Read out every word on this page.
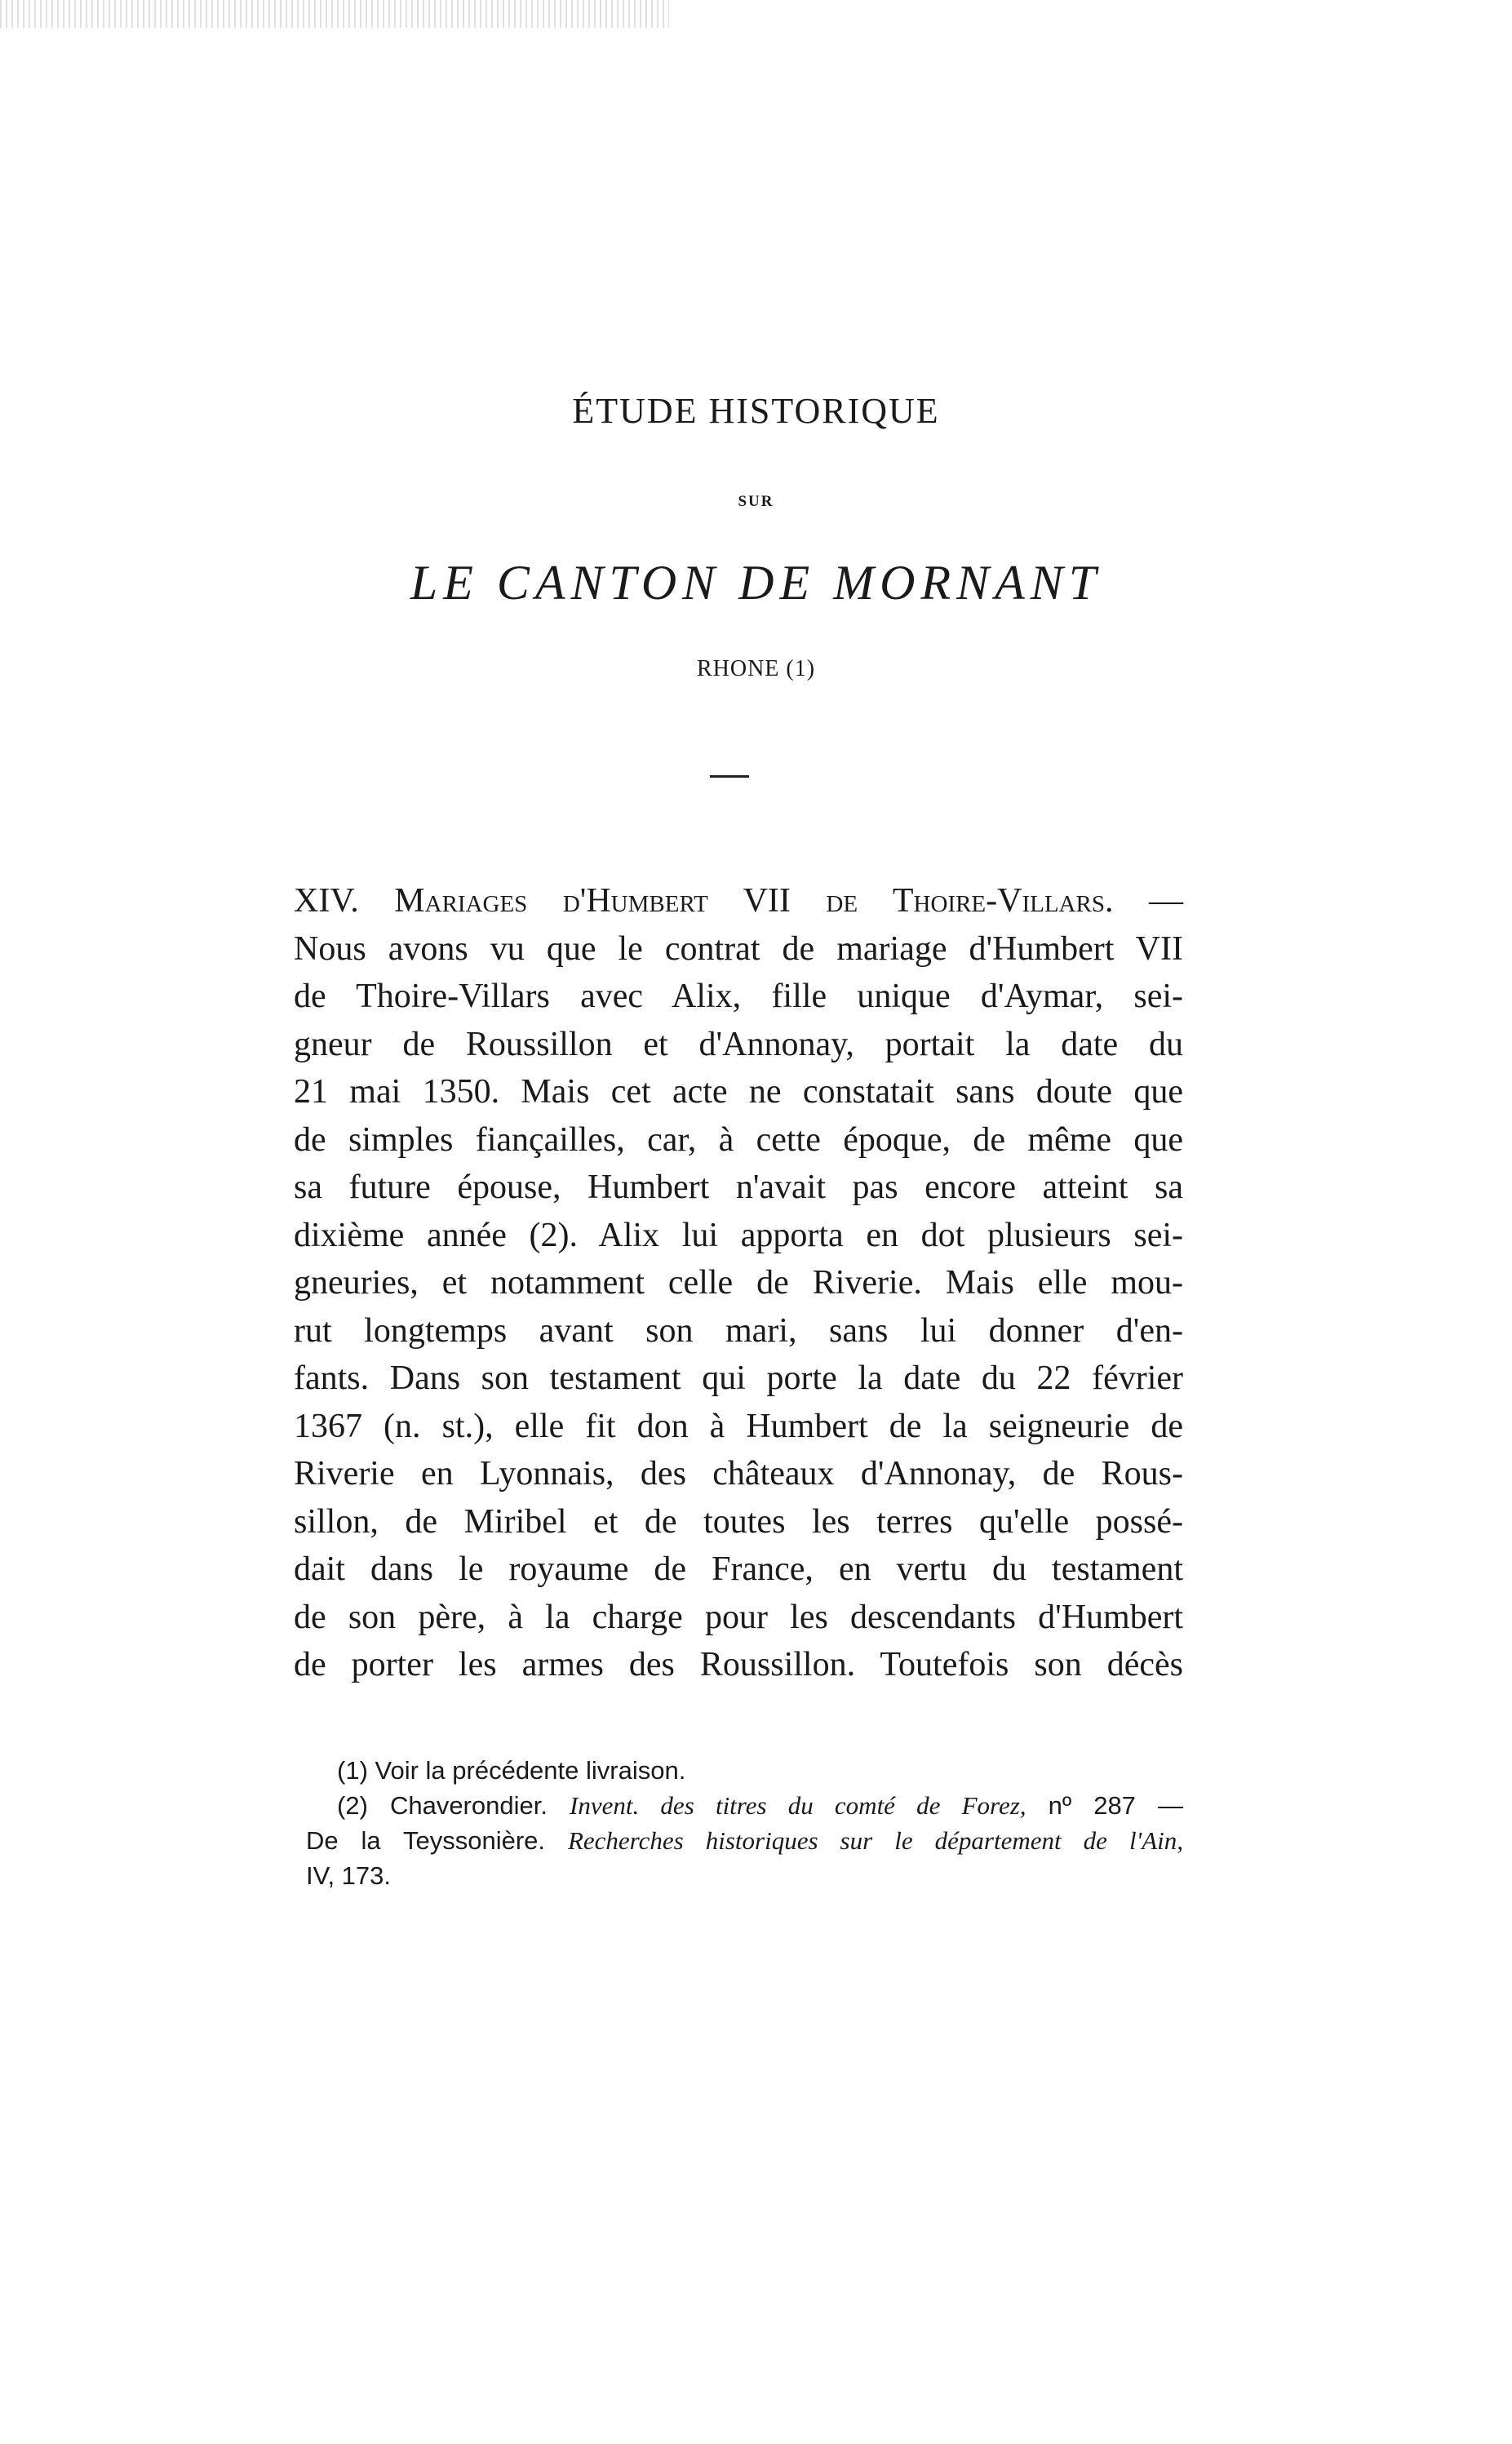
ÉTUDE HISTORIQUE
SUR
LE CANTON DE MORNANT
RHONE (1)
XIV. Mariages d'Humbert VII de Thoire-Villars. —
Nous avons vu que le contrat de mariage d'Humbert VII
de Thoire-Villars avec Alix, fille unique d'Aymar, sei-
gneur de Roussillon et d'Annonay, portait la date du
21 mai 1350. Mais cet acte ne constatait sans doute que
de simples fiançailles, car, à cette époque, de même que
sa future épouse, Humbert n'avait pas encore atteint sa
dixième année (2). Alix lui apporta en dot plusieurs sei-
gneuries, et notamment celle de Riverie. Mais elle mou-
rut longtemps avant son mari, sans lui donner d'en-
fants. Dans son testament qui porte la date du 22 février
1367 (n. st.), elle fit don à Humbert de la seigneurie de
Riverie en Lyonnais, des châteaux d'Annonay, de Rous-
sillon, de Miribel et de toutes les terres qu'elle possé-
dait dans le royaume de France, en vertu du testament
de son père, à la charge pour les descendants d'Humbert
de porter les armes des Roussillon. Toutefois son décès
(1) Voir la précédente livraison.
(2) Chaverondier. Invent. des titres du comté de Forez, nº 287 —
De la Teyssonière. Recherches historiques sur le département de l'Ain,
IV, 173.
